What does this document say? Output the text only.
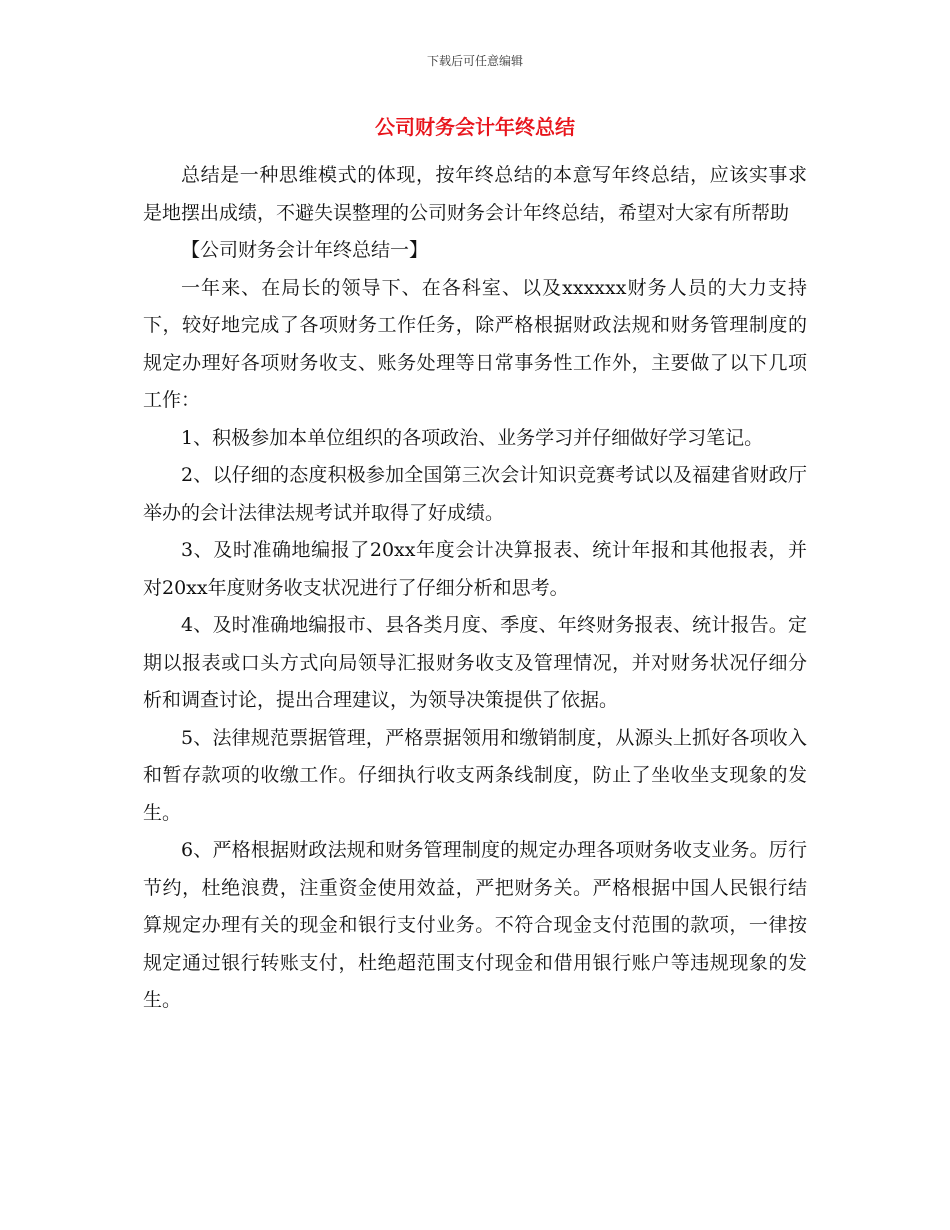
下载后可任意编辑
公司财务会计年终总结

总结是一种思维模式的体现，按年终总结的本意写年终总结，应该实事求是地摆出成绩，不避失误整理的公司财务会计年终总结，希望对大家有所帮助

【公司财务会计年终总结一】

一年来、在局长的领导下、在各科室、以及xxxxxx财务人员的大力支持下，较好地完成了各项财务工作任务，除严格根据财政法规和财务管理制度的规定办理好各项财务收支、账务处理等日常事务性工作外，主要做了以下几项工作：

1、积极参加本单位组织的各项政治、业务学习并仔细做好学习笔记。

2、以仔细的态度积极参加全国第三次会计知识竞赛考试以及福建省财政厅举办的会计法律法规考试并取得了好成绩。

3、及时准确地编报了20xx年度会计决算报表、统计年报和其他报表，并对20xx年度财务收支状况进行了仔细分析和思考。

4、及时准确地编报市、县各类月度、季度、年终财务报表、统计报告。定期以报表或口头方式向局领导汇报财务收支及管理情况，并对财务状况仔细分析和调查讨论，提出合理建议，为领导决策提供了依据。

5、法律规范票据管理，严格票据领用和缴销制度，从源头上抓好各项收入和暂存款项的收缴工作。仔细执行收支两条线制度，防止了坐收坐支现象的发生。

6、严格根据财政法规和财务管理制度的规定办理各项财务收支业务。厉行节约，杜绝浪费，注重资金使用效益，严把财务关。严格根据中国人民银行结算规定办理有关的现金和银行支付业务。不符合现金支付范围的款项，一律按规定通过银行转账支付，杜绝超范围支付现金和借用银行账户等违规现象的发生。
